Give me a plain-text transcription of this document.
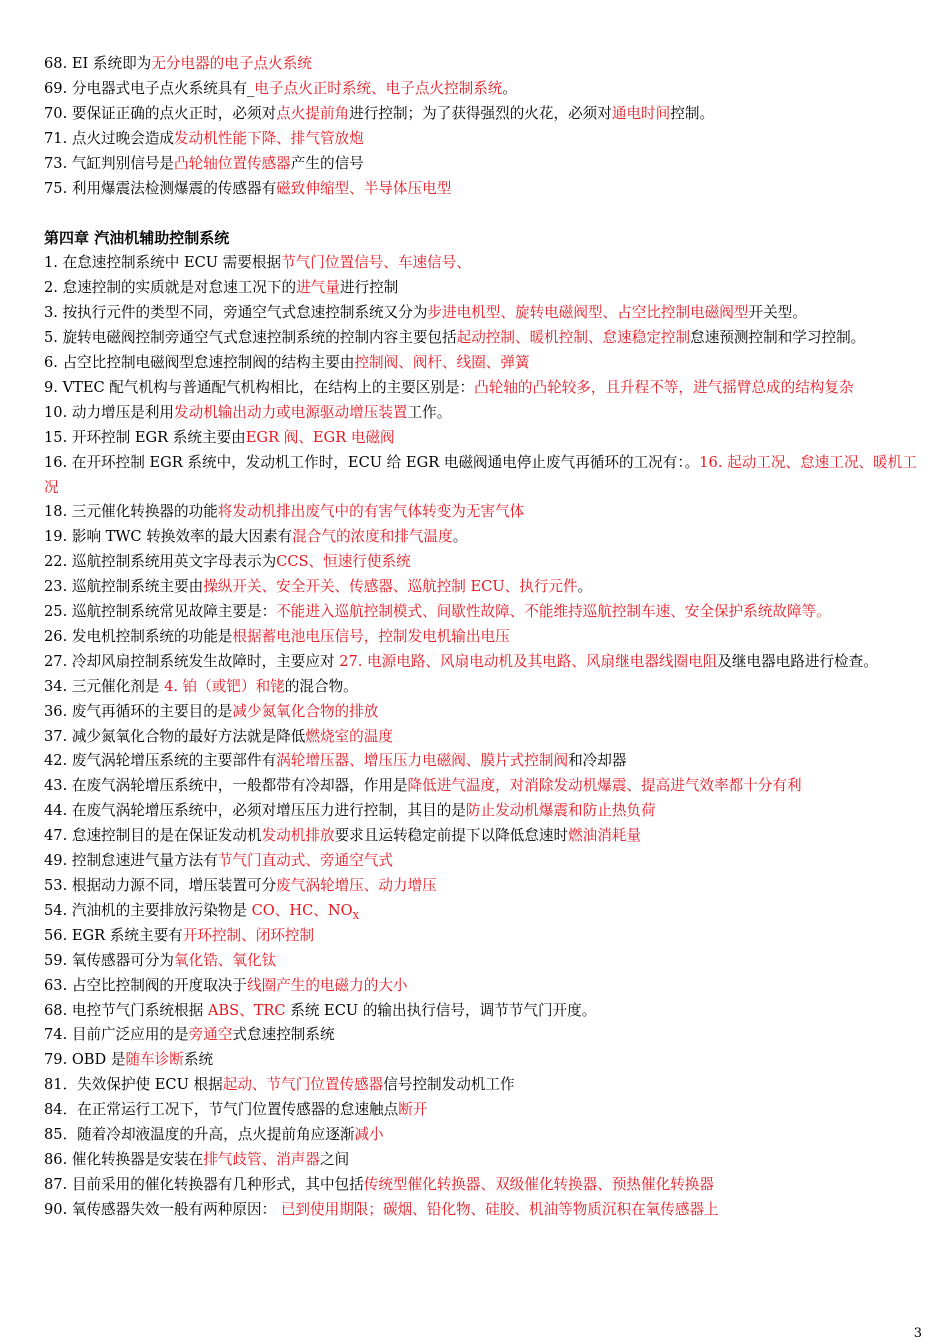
68. EI 系统即为无分电器的电子点火系统
69. 分电器式电子点火系统具有_电子点火正时系统、电子点火控制系统。
70. 要保证正确的点火正时，必须对点火提前角进行控制；为了获得强烈的火花，必须对通电时间控制。
71. 点火过晚会造成发动机性能下降、排气管放炮
73. 气缸判别信号是凸轮轴位置传感器产生的信号
75. 利用爆震法检测爆震的传感器有磁致伸缩型、半导体压电型
第四章 汽油机辅助控制系统
1. 在怠速控制系统中 ECU 需要根据节气门位置信号、车速信号、
2. 怠速控制的实质就是对怠速工况下的进气量进行控制
3. 按执行元件的类型不同，旁通空气式怠速控制系统又分为步进电机型、旋转电磁阀型、占空比控制电磁阀型开关型。
5. 旋转电磁阀控制旁通空气式怠速控制系统的控制内容主要包括起动控制、暖机控制、怠速稳定控制怠速预测控制和学习控制。
6. 占空比控制电磁阀型怠速控制阀的结构主要由控制阀、阀杆、线圈、弹簧
9. VTEC 配气机构与普通配气机构相比，在结构上的主要区别是：凸轮轴的凸轮较多，且升程不等，进气摇臂总成的结构复杂
10. 动力增压是利用发动机输出动力或电源驱动增压装置工作。
15. 开环控制 EGR 系统主要由EGR 阀、EGR 电磁阀
16. 在开环控制 EGR 系统中，发动机工作时，ECU 给 EGR 电磁阀通电停止废气再循环的工况有：。16. 起动工况、怠速工况、暖机工况
18. 三元催化转换器的功能将发动机排出废气中的有害气体转变为无害气体
19. 影响 TWC 转换效率的最大因素有混合气的浓度和排气温度。
22. 巡航控制系统用英文字母表示为CCS、恒速行使系统
23. 巡航控制系统主要由操纵开关、安全开关、传感器、巡航控制 ECU、执行元件。
25. 巡航控制系统常见故障主要是：不能进入巡航控制模式、间歇性故障、不能维持巡航控制车速、安全保护系统故障等。
26. 发电机控制系统的功能是根据蓄电池电压信号，控制发电机输出电压
27. 冷却风扇控制系统发生故障时，主要应对 27. 电源电路、风扇电动机及其电路、风扇继电器线圈电阻及继电器电路进行检查。
34. 三元催化剂是 4. 铂（或钯）和铑的混合物。
36. 废气再循环的主要目的是减少氮氧化合物的排放
37. 减少氮氧化合物的最好方法就是降低燃烧室的温度
42. 废气涡轮增压系统的主要部件有涡轮增压器、增压压力电磁阀、膜片式控制阀和冷却器
43. 在废气涡轮增压系统中，一般都带有冷却器，作用是降低进气温度，对消除发动机爆震、提高进气效率都十分有利
44. 在废气涡轮增压系统中，必须对增压压力进行控制，其目的是防止发动机爆震和防止热负荷
47. 怠速控制目的是在保证发动机发动机排放要求且运转稳定前提下以降低怠速时燃油消耗量
49. 控制怠速进气量方法有节气门直动式、旁通空气式
53. 根据动力源不同，增压装置可分废气涡轮增压、动力增压
54. 汽油机的主要排放污染物是 CO、HC、$NO_X$
56. EGR 系统主要有开环控制、闭环控制
59. 氧传感器可分为氧化锆、氧化钛
63. 占空比控制阀的开度取决于线圈产生的电磁力的大小
68. 电控节气门系统根据 ABS、TRC 系统 ECU 的输出执行信号，调节节气门开度。
74. 目前广泛应用的是旁通空式怠速控制系统
79. OBD 是随车诊断系统
81．失效保护使 ECU 根据起动、节气门位置传感器信号控制发动机工作
84．在正常运行工况下，节气门位置传感器的怠速触点断开
85．随着冷却液温度的升高，点火提前角应逐渐减小
86. 催化转换器是安装在排气歧管、消声器之间
87. 目前采用的催化转换器有几种形式，其中包括传统型催化转换器、双级催化转换器、预热催化转换器
90. 氧传感器失效一般有两种原因： 已到使用期限；碳烟、铅化物、硅胶、机油等物质沉积在氧传感器上
3
